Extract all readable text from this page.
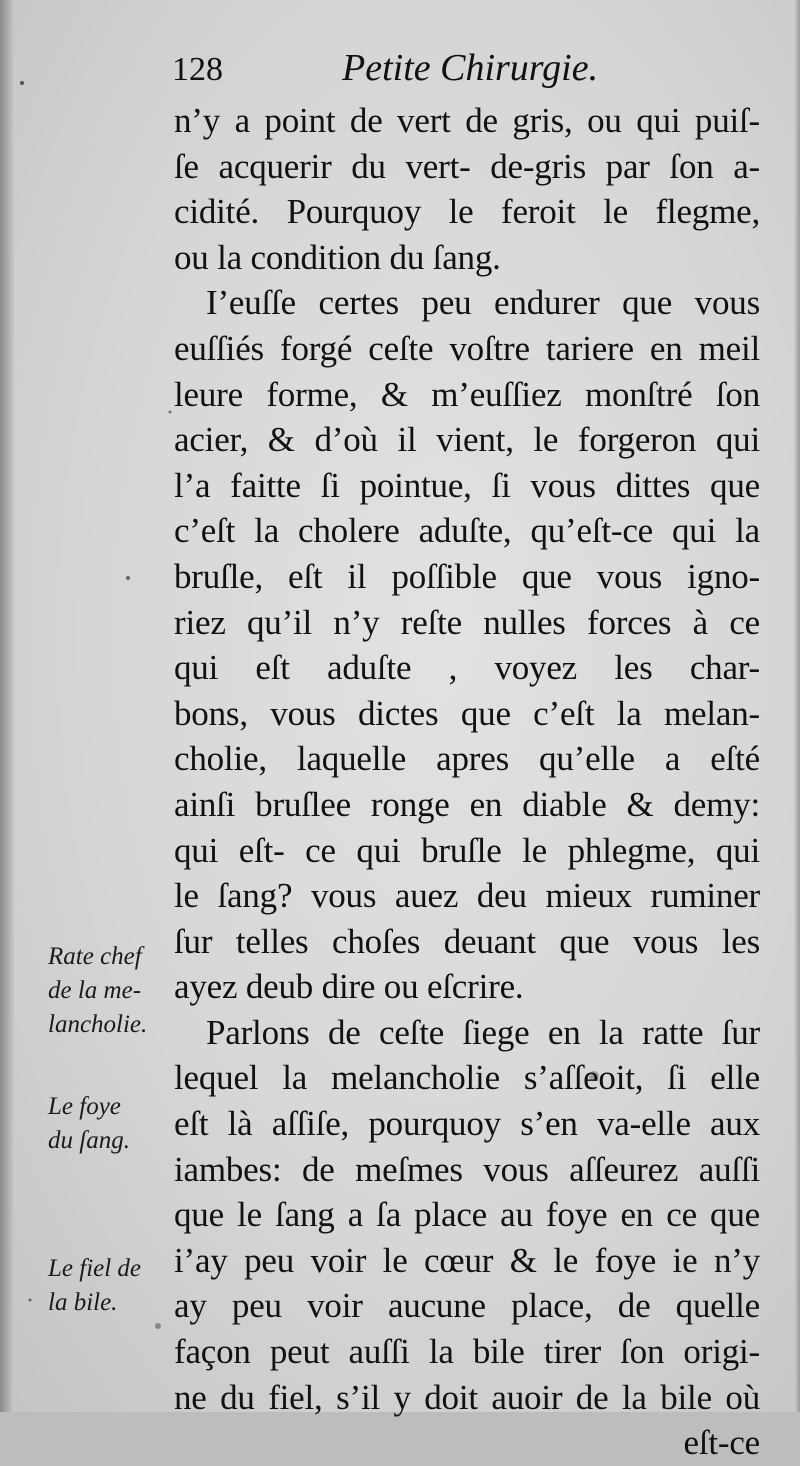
128	Petite Chirurgie.
n’y a point de vert de gris, ou qui puiſ-
ſe acquerir du vert- de-gris par ſon a-
cidité. Pourquoy le feroit le flegme,
ou la condition du ſang.
I’euſſe certes peu endurer que vous
euſſiés forgé ceſte voſtre tariere en meil
leure forme, & m’euſſiez monſtré ſon
acier, & d’où il vient, le forgeron qui
l’a faitte ſi pointue, ſi vous dittes que
c’eſt la cholere aduſte, qu’eſt-ce qui la
bruſle, eſt il poſſible que vous igno-
riez qu’il n’y reſte nulles forces à ce
qui eſt aduſte , voyez les char-
bons, vous dictes que c’eſt la melan-
cholie, laquelle apres qu’elle a eſté
ainſi bruſlee ronge en diable & demy:
qui eſt- ce qui bruſle le phlegme, qui
le ſang? vous auez deu mieux ruminer
ſur telles choſes deuant que vous les
ayez deub dire ou eſcrire.
Parlons de ceſte ſiege en la ratte ſur
lequel la melancholie s’aſſeoit, ſi elle
eſt là aſſiſe, pourquoy s’en va-elle aux
iambes: de meſmes vous aſſeurez auſſi
que le ſang a ſa place au foye en ce que
i’ay peu voir le cœur & le foye ie n’y
ay peu voir aucune place, de quelle
façon peut auſſi la bile tirer ſon origi-
ne du fiel, s’il y doit auoir de la bile où
eſt-ce
Rate chef
de la me-
lancholie.
Le foye
du ſang.
Le fiel de
la bile.
